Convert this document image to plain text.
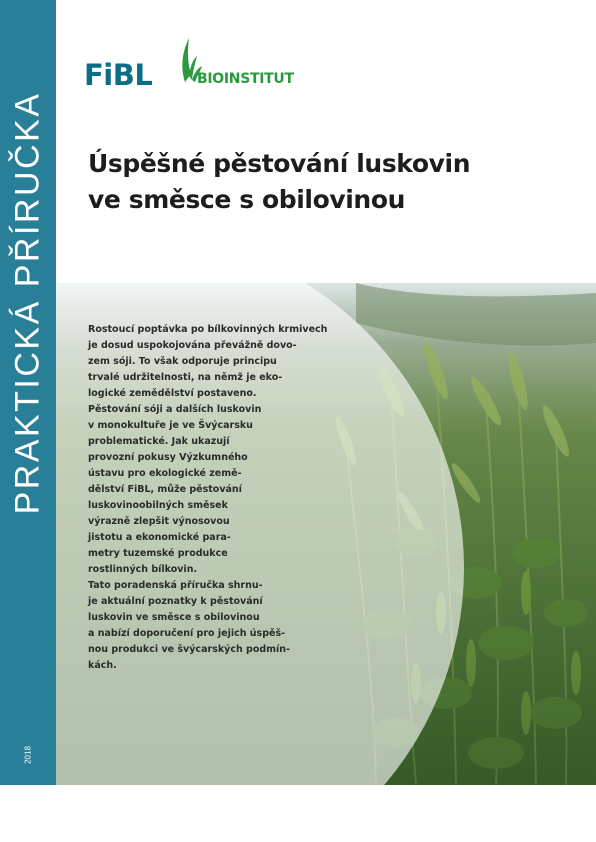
PRAKTICKÁ PŘÍRUČKA
2018
FiBL	BIOINSTITUT
Úspěšné pěstování luskovin
ve směsce s obilovinou

Rostoucí poptávka po bílkovinných krmivech
je dosud uspokojována převážně dovo-
zem sóji. To však odporuje principu
trvalé udržitelnosti, na němž je eko-
logické zemědělství postaveno.
Pěstování sóji a dalších luskovin
v monokultuře je ve Švýcarsku
problematické. Jak ukazují
provozní pokusy Výzkumného
ústavu pro ekologické země-
dělství FiBL, může pěstování
luskovinoobilných směsek
výrazně zlepšit výnosovou
jistotu a ekonomické para-
metry tuzemské produkce
rostlinných bílkovin.
Tato poradenská příručka shrnu-
je aktuální poznatky k pěstování
luskovin ve směsce s obilovinou
a nabízí doporučení pro jejich úspěš-
nou produkci ve švýcarských podmín-
kách.
